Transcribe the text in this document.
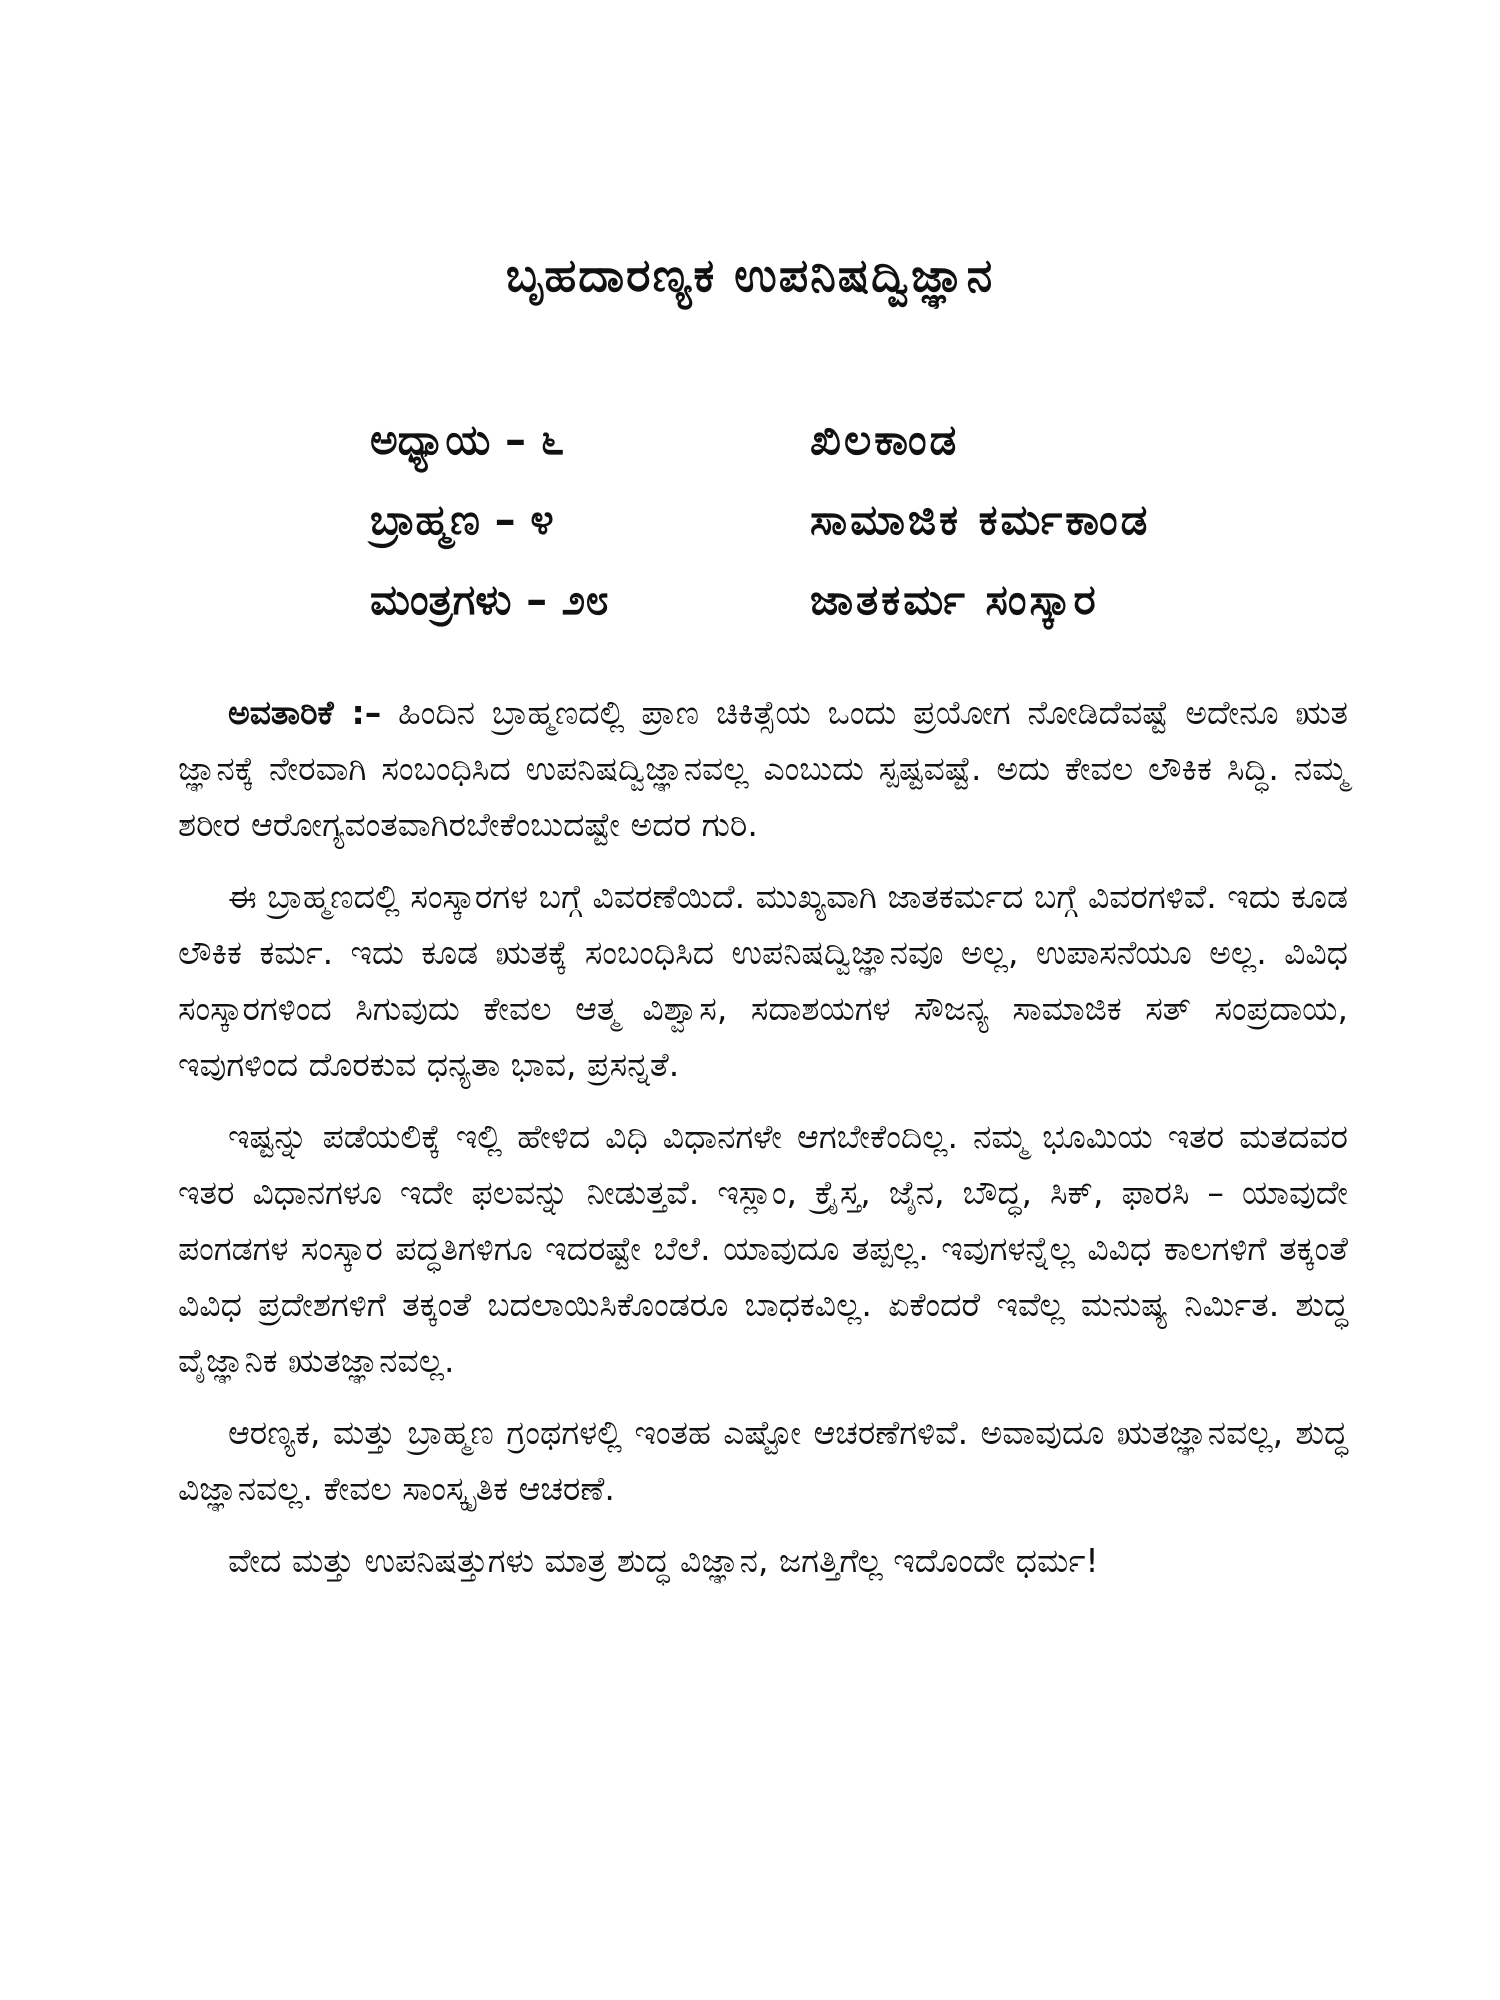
ಬೃಹದಾರಣ್ಯಕ ಉಪನಿಷದ್ವಿಜ್ಞಾನ
ಅಧ್ಯಾಯ – ೬	ಖಿಲಕಾಂಡ
ಬ್ರಾಹ್ಮಣ – ೪	ಸಾಮಾಜಿಕ ಕರ್ಮಕಾಂಡ
ಮಂತ್ರಗಳು – ೨೮	ಜಾತಕರ್ಮ ಸಂಸ್ಕಾರ

ಅವತಾರಿಕೆ :– ಹಿಂದಿನ ಬ್ರಾಹ್ಮಣದಲ್ಲಿ ಪ್ರಾಣ ಚಿಕಿತ್ಸೆಯ ಒಂದು ಪ್ರಯೋಗ ನೋಡಿದೆವಷ್ಟೆ ಅದೇನೂ ಋತ ಜ್ಞಾನಕ್ಕೆ ನೇರವಾಗಿ ಸಂಬಂಧಿಸಿದ ಉಪನಿಷದ್ವಿಜ್ಞಾನವಲ್ಲ ಎಂಬುದು ಸ್ಪಷ್ಟವಷ್ಟೆ. ಅದು ಕೇವಲ ಲೌಕಿಕ ಸಿದ್ಧಿ. ನಮ್ಮ ಶರೀರ ಆರೋಗ್ಯವಂತವಾಗಿರಬೇಕೆಂಬುದಷ್ಟೇ ಅದರ ಗುರಿ.

ಈ ಬ್ರಾಹ್ಮಣದಲ್ಲಿ ಸಂಸ್ಕಾರಗಳ ಬಗ್ಗೆ ವಿವರಣೆಯಿದೆ. ಮುಖ್ಯವಾಗಿ ಜಾತಕರ್ಮದ ಬಗ್ಗೆ ವಿವರಗಳಿವೆ. ಇದು ಕೂಡ ಲೌಕಿಕ ಕರ್ಮ. ಇದು ಕೂಡ ಋತಕ್ಕೆ ಸಂಬಂಧಿಸಿದ ಉಪನಿಷದ್ವಿಜ್ಞಾನವೂ ಅಲ್ಲ, ಉಪಾಸನೆಯೂ ಅಲ್ಲ. ವಿವಿಧ ಸಂಸ್ಕಾರಗಳಿಂದ ಸಿಗುವುದು ಕೇವಲ ಆತ್ಮ ವಿಶ್ವಾಸ, ಸದಾಶಯಗಳ ಸೌಜನ್ಯ ಸಾಮಾಜಿಕ ಸತ್ ಸಂಪ್ರದಾಯ, ಇವುಗಳಿಂದ ದೊರಕುವ ಧನ್ಯತಾ ಭಾವ, ಪ್ರಸನ್ನತೆ.

ಇಷ್ಟನ್ನು ಪಡೆಯಲಿಕ್ಕೆ ಇಲ್ಲಿ ಹೇಳಿದ ವಿಧಿ ವಿಧಾನಗಳೇ ಆಗಬೇಕೆಂದಿಲ್ಲ. ನಮ್ಮ ಭೂಮಿಯ ಇತರ ಮತದವರ ಇತರ ವಿಧಾನಗಳೂ ಇದೇ ಫಲವನ್ನು ನೀಡುತ್ತವೆ. ಇಸ್ಲಾಂ, ಕ್ರೈಸ್ತ, ಜೈನ, ಬೌದ್ಧ, ಸಿಕ್, ಫಾರಸಿ – ಯಾವುದೇ ಪಂಗಡಗಳ ಸಂಸ್ಕಾರ ಪದ್ಧತಿಗಳಿಗೂ ಇದರಷ್ಟೇ ಬೆಲೆ. ಯಾವುದೂ ತಪ್ಪಲ್ಲ. ಇವುಗಳನ್ನೆಲ್ಲ ವಿವಿಧ ಕಾಲಗಳಿಗೆ ತಕ್ಕಂತೆ ವಿವಿಧ ಪ್ರದೇಶಗಳಿಗೆ ತಕ್ಕಂತೆ ಬದಲಾಯಿಸಿಕೊಂಡರೂ ಬಾಧಕವಿಲ್ಲ. ಏಕೆಂದರೆ ಇವೆಲ್ಲ ಮನುಷ್ಯ ನಿರ್ಮಿತ. ಶುದ್ಧ ವೈಜ್ಞಾನಿಕ ಋತಜ್ಞಾನವಲ್ಲ.

ಆರಣ್ಯಕ, ಮತ್ತು ಬ್ರಾಹ್ಮಣ ಗ್ರಂಥಗಳಲ್ಲಿ ಇಂತಹ ಎಷ್ಟೋ ಆಚರಣೆಗಳಿವೆ. ಅವಾವುದೂ ಋತಜ್ಞಾನವಲ್ಲ, ಶುದ್ಧ ವಿಜ್ಞಾನವಲ್ಲ. ಕೇವಲ ಸಾಂಸ್ಕೃತಿಕ ಆಚರಣೆ.

ವೇದ ಮತ್ತು ಉಪನಿಷತ್ತುಗಳು ಮಾತ್ರ ಶುದ್ಧ ವಿಜ್ಞಾನ, ಜಗತ್ತಿಗೆಲ್ಲ ಇದೊಂದೇ ಧರ್ಮ!
